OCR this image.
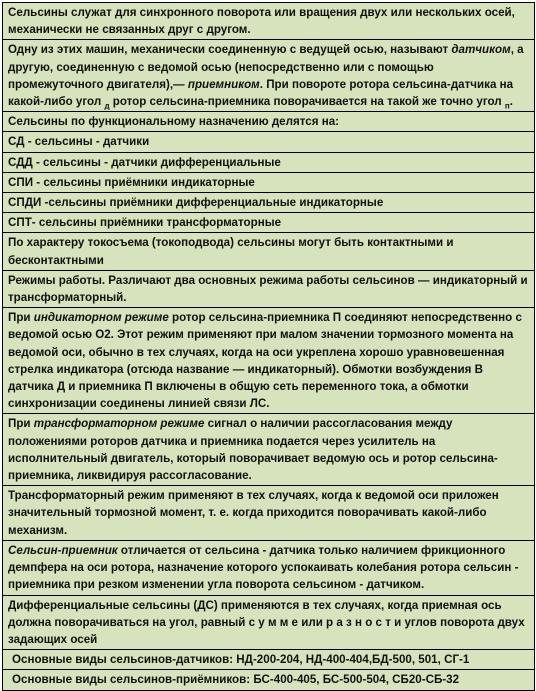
Сельсины служат для синхронного поворота или вращения двух или нескольких осей, механически не связанных друг с другом.
Одну из этих машин, механически соединенную с ведущей осью, называют датчиком, а другую, соединенную с ведомой осью (непосредственно или с помощью промежуточного двигателя),— приемником. При повороте ротора сельсина-датчика на какой-либо угол $_д$ ротор сельсина-приемника поворачивается на такой же точно угол $_п$.
Сельсины по функциональному назначению делятся на:
СД - сельсины - датчики
СДД - сельсины - датчики дифференциальные
СПИ - сельсины приёмники индикаторные
СПДИ -сельсины приёмники дифференциальные индикаторные
СПТ- сельсины приёмники трансформаторные
По характеру токосъема (токоподвода) сельсины могут быть контактными и бесконтактными
Режимы работы. Различают два основных режима работы сельсинов — индикаторный и трансформаторный.
При индикаторном режиме ротор сельсина-приемника П соединяют непосредственно с ведомой осью О2. Этот режим применяют при малом значении тормозного момента на ведомой оси, обычно в тех случаях, когда на оси укреплена хорошо уравновешенная стрелка индикатора (отсюда название — индикаторный). Обмотки возбуждения В датчика Д и приемника П включены в общую сеть переменного тока, а обмотки синхронизации соединены линией связи ЛС.
При трансформаторном режиме сигнал о наличии рассогласования между положениями роторов датчика и приемника подается через усилитель на исполнительный двигатель, который поворачивает ведомую ось и ротор сельсина-приемника, ликвидируя рассогласование.
Трансформаторный режим применяют в тех случаях, когда к ведомой оси приложен значительный тормозной момент, т. е. когда приходится поворачивать какой-либо механизм.
Сельсин-приемник отличается от сельсина - датчика только наличием фрикционного демпфера на оси ротора, назначение которого успокаивать колебания ротора сельсин - приемника при резком изменении угла поворота сельсином - датчиком.
Дифференциальные сельсины (ДС) применяются в тех случаях, когда приемная ось должна поворачиваться на угол, равный с у м м е или р а з н о с т и углов поворота двух задающих осей
Основные виды сельсинов-датчиков: НД-200-204, НД-400-404,БД-500, 501, СГ-1
Основные виды сельсинов-приёмников: БС-400-405, БС-500-504, СБ20-СБ-32
